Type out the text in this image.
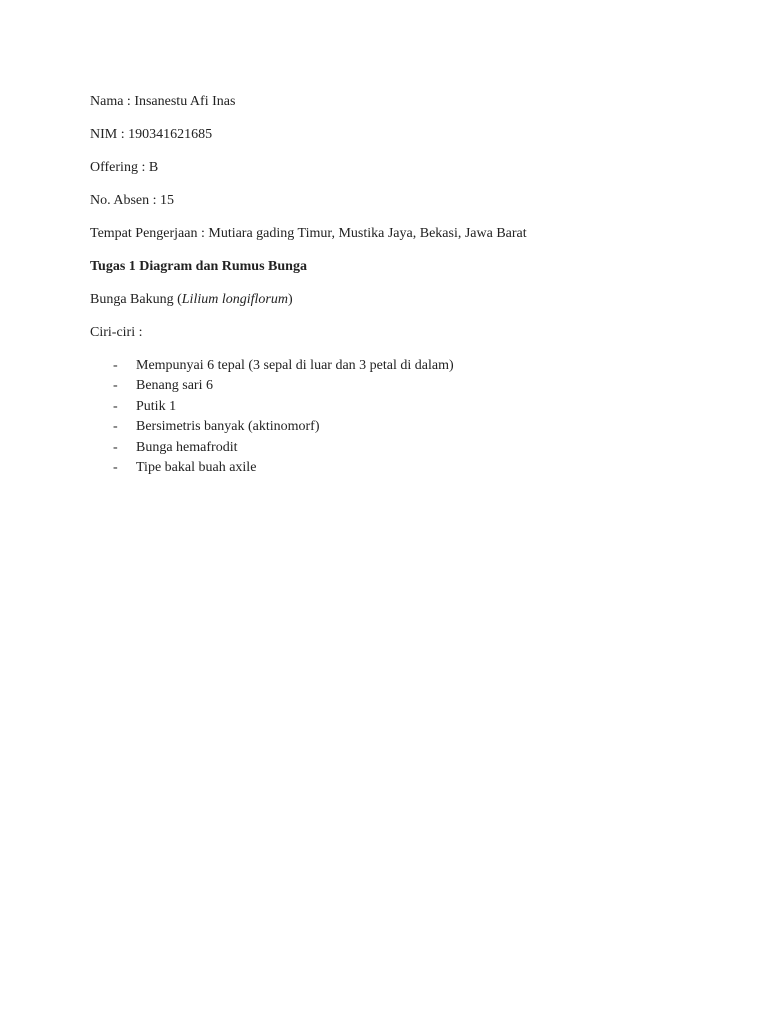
Nama : Insanestu Afi Inas

NIM : 190341621685

Offering : B

No. Absen : 15

Tempat Pengerjaan : Mutiara gading Timur, Mustika Jaya, Bekasi, Jawa Barat

Tugas 1 Diagram dan Rumus Bunga

Bunga Bakung (Lilium longiflorum)

Ciri-ciri :

- Mempunyai 6 tepal (3 sepal di luar dan 3 petal di dalam)
- Benang sari 6
- Putik 1
- Bersimetris banyak (aktinomorf)
- Bunga hemafrodit
- Tipe bakal buah axile
